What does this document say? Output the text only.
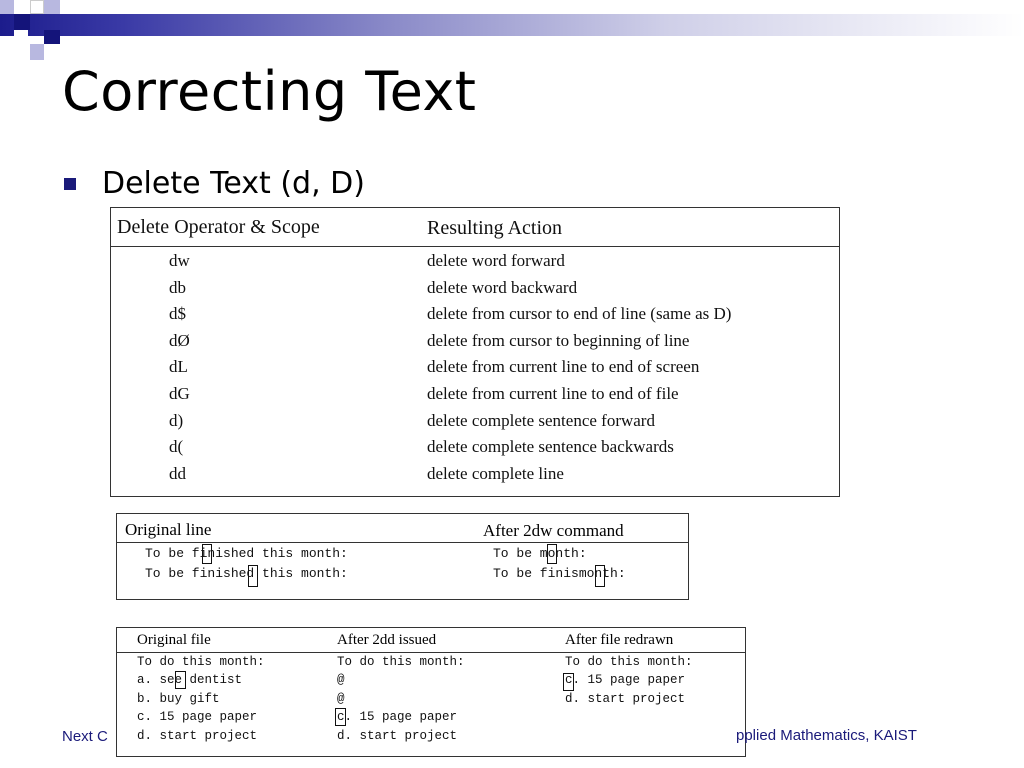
Correcting Text
Delete Text (d, D)
Delete Operator & Scope	Resulting Action
dw	delete word forward
db	delete word backward
d$	delete from cursor to end of line (same as D)
dØ	delete from cursor to beginning of line
dL	delete from current line to end of screen
dG	delete from current line to end of file
d)	delete complete sentence forward
d(	delete complete sentence backwards
dd	delete complete line
Original line	After 2dw command
To be finished this month:	To be month:
To be finished this month:	To be finismonth:
Original file	After 2dd issued	After file redrawn
To do this month:	To do this month:	To do this month:
a. see dentist	@	c. 15 page paper
b. buy gift	@	d. start project
c. 15 page paper	c. 15 page paper
d. start project	d. start project
Next C	pplied Mathematics, KAIST
